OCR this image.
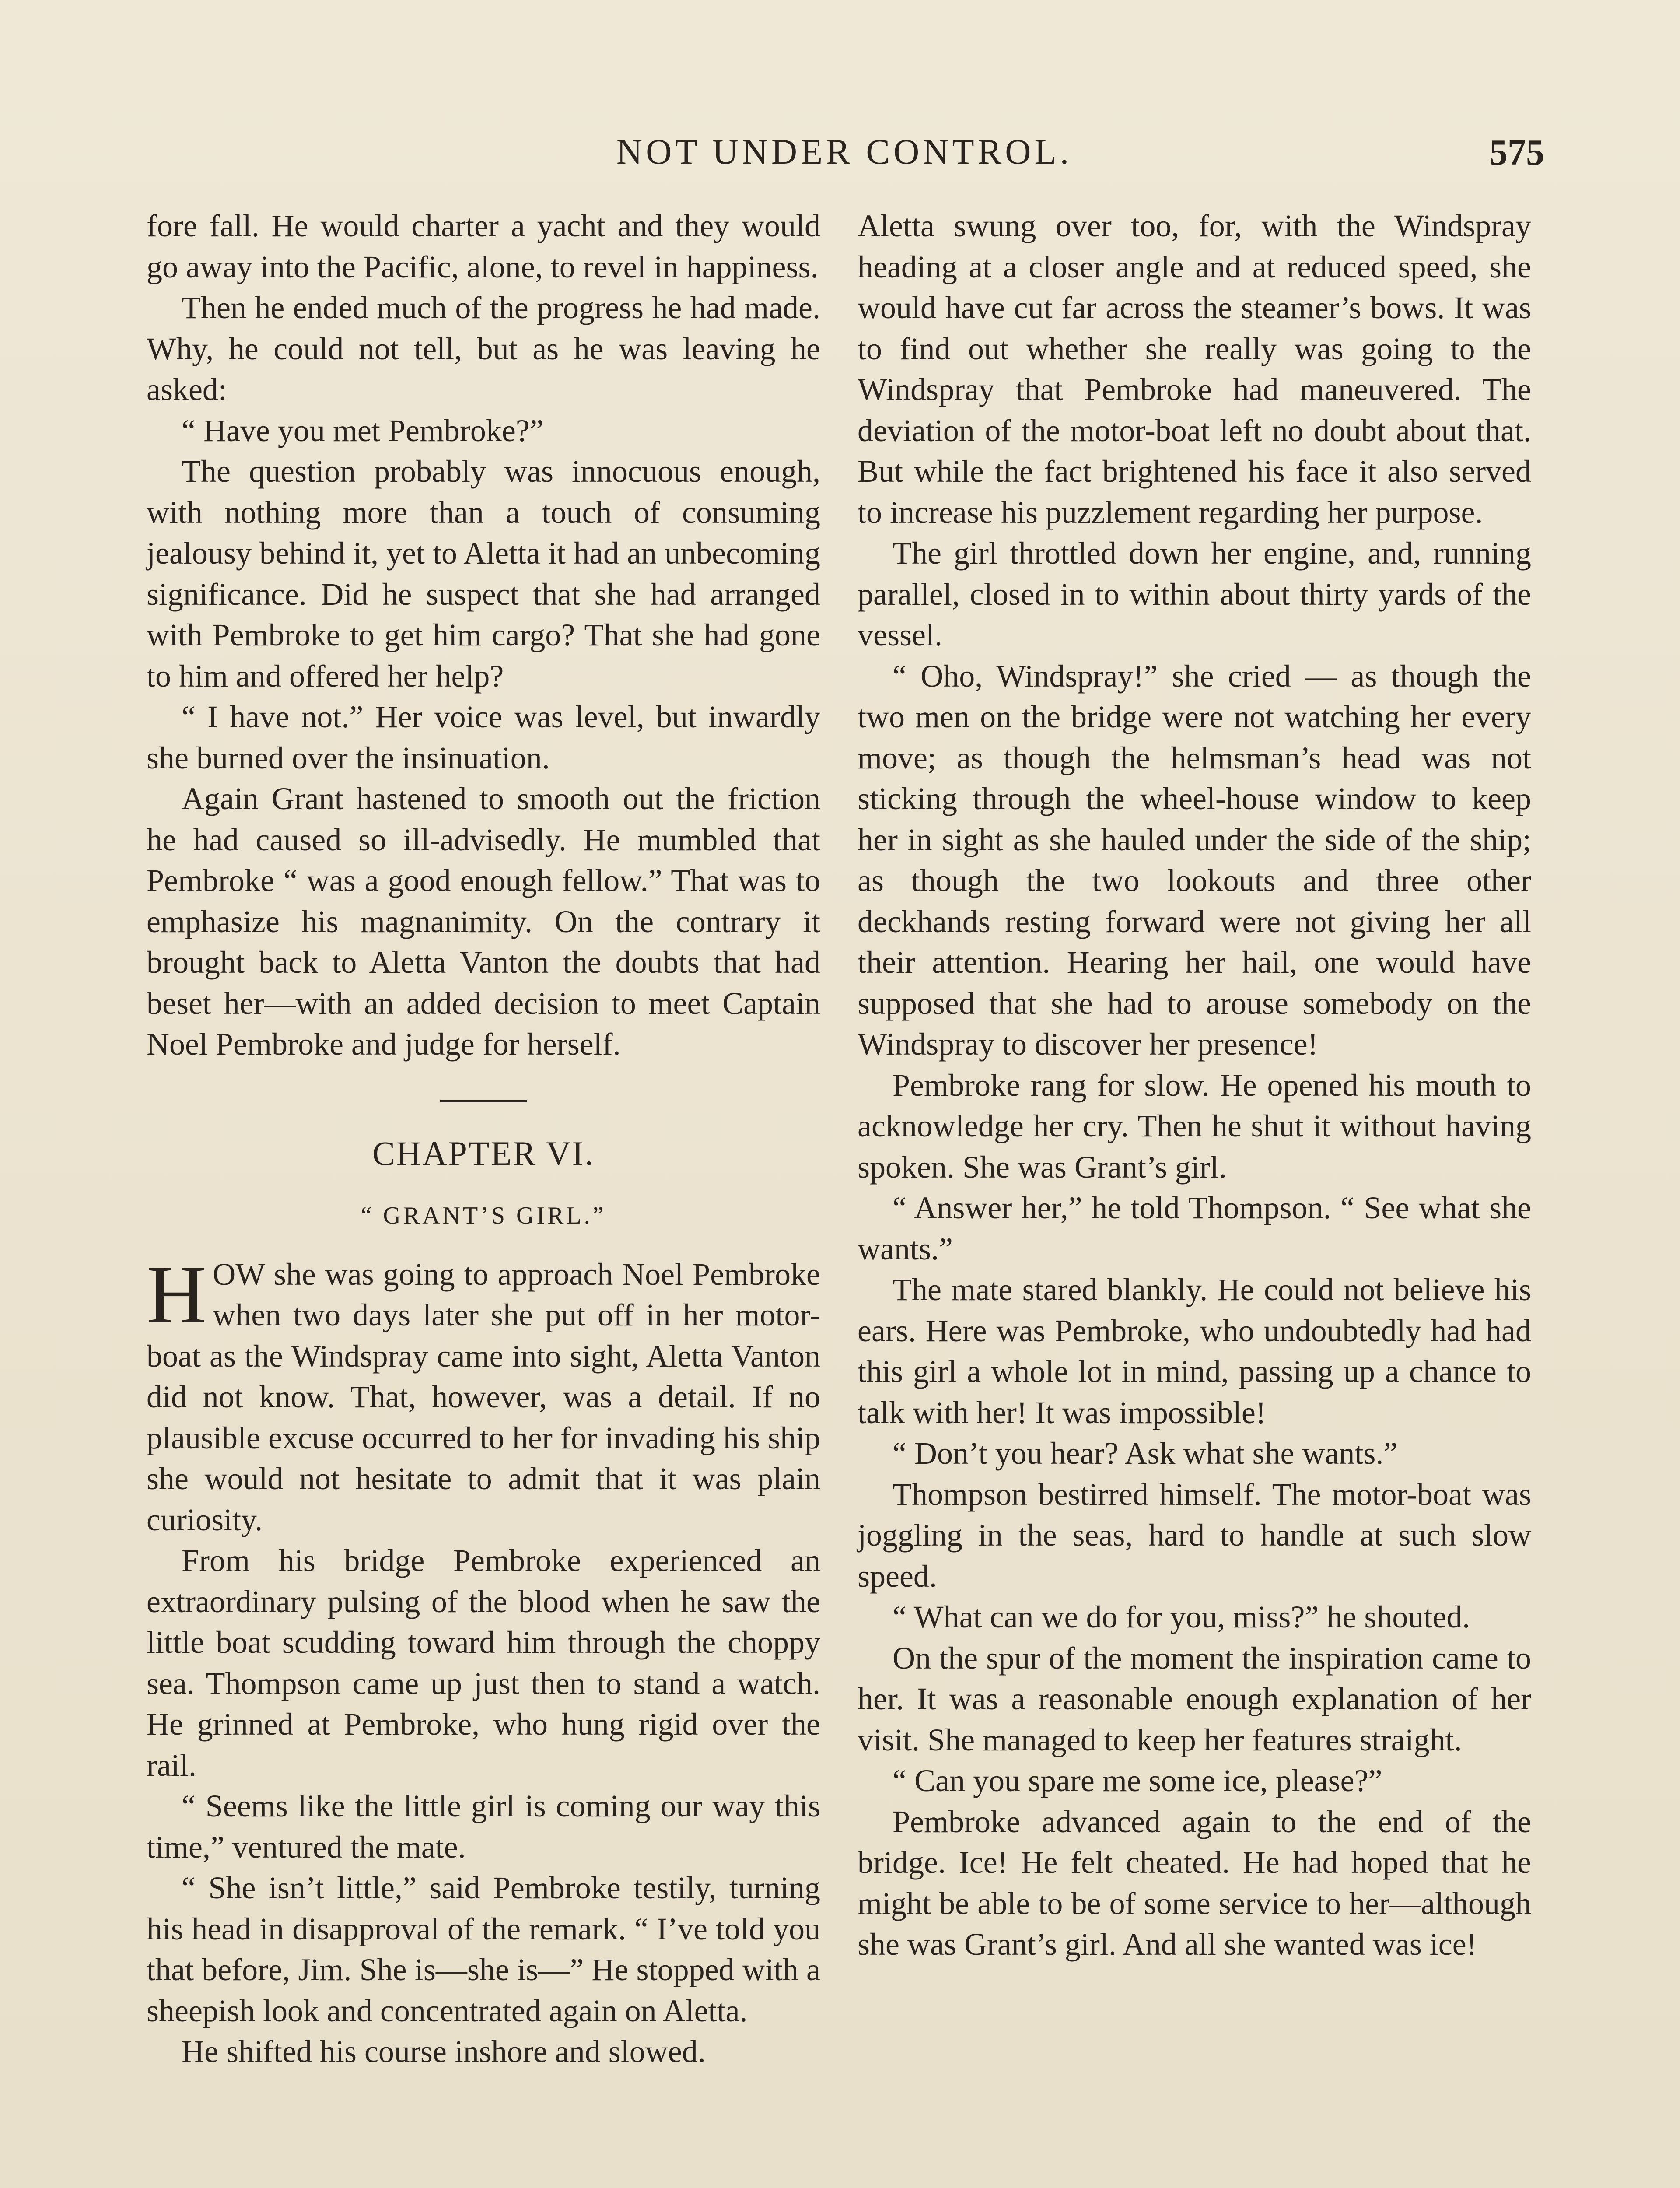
NOT UNDER CONTROL.	575

fore fall. He would charter a yacht and they would go away into the Pacific, alone, to revel in happiness.

Then he ended much of the progress he had made. Why, he could not tell, but as he was leaving he asked:

“ Have you met Pembroke?”

The question probably was innocuous enough, with nothing more than a touch of consuming jealousy behind it, yet to Aletta it had an unbecoming significance. Did he suspect that she had arranged with Pembroke to get him cargo? That she had gone to him and offered her help?

“ I have not.” Her voice was level, but inwardly she burned over the insinuation.

Again Grant hastened to smooth out the friction he had caused so ill-advisedly. He mumbled that Pembroke “ was a good enough fellow.” That was to emphasize his magnanimity. On the contrary it brought back to Aletta Vanton the doubts that had beset her—with an added decision to meet Captain Noel Pembroke and judge for herself.

CHAPTER VI.
“ GRANT’S GIRL.”

HOW she was going to approach Noel Pembroke when two days later she put off in her motor-boat as the Windspray came into sight, Aletta Vanton did not know. That, however, was a detail. If no plausible excuse occurred to her for invading his ship she would not hesitate to admit that it was plain curiosity.

From his bridge Pembroke experienced an extraordinary pulsing of the blood when he saw the little boat scudding toward him through the choppy sea. Thompson came up just then to stand a watch. He grinned at Pembroke, who hung rigid over the rail.

“ Seems like the little girl is coming our way this time,” ventured the mate.

“ She isn’t little,” said Pembroke testily, turning his head in disapproval of the remark. “ I’ve told you that before, Jim. She is—she is—” He stopped with a sheepish look and concentrated again on Aletta.

He shifted his course inshore and slowed.

Aletta swung over too, for, with the Windspray heading at a closer angle and at reduced speed, she would have cut far across the steamer’s bows. It was to find out whether she really was going to the Windspray that Pembroke had maneuvered. The deviation of the motor-boat left no doubt about that. But while the fact brightened his face it also served to increase his puzzlement regarding her purpose.

The girl throttled down her engine, and, running parallel, closed in to within about thirty yards of the vessel.

“ Oho, Windspray!” she cried — as though the two men on the bridge were not watching her every move; as though the helmsman’s head was not sticking through the wheel-house window to keep her in sight as she hauled under the side of the ship; as though the two lookouts and three other deckhands resting forward were not giving her all their attention. Hearing her hail, one would have supposed that she had to arouse somebody on the Windspray to discover her presence!

Pembroke rang for slow. He opened his mouth to acknowledge her cry. Then he shut it without having spoken. She was Grant’s girl.

“ Answer her,” he told Thompson. “ See what she wants.”

The mate stared blankly. He could not believe his ears. Here was Pembroke, who undoubtedly had had this girl a whole lot in mind, passing up a chance to talk with her! It was impossible!

“ Don’t you hear? Ask what she wants.”

Thompson bestirred himself. The motor-boat was joggling in the seas, hard to handle at such slow speed.

“ What can we do for you, miss?” he shouted.

On the spur of the moment the inspiration came to her. It was a reasonable enough explanation of her visit. She managed to keep her features straight.

“ Can you spare me some ice, please?”

Pembroke advanced again to the end of the bridge. Ice! He felt cheated. He had hoped that he might be able to be of some service to her—although she was Grant’s girl. And all she wanted was ice!
